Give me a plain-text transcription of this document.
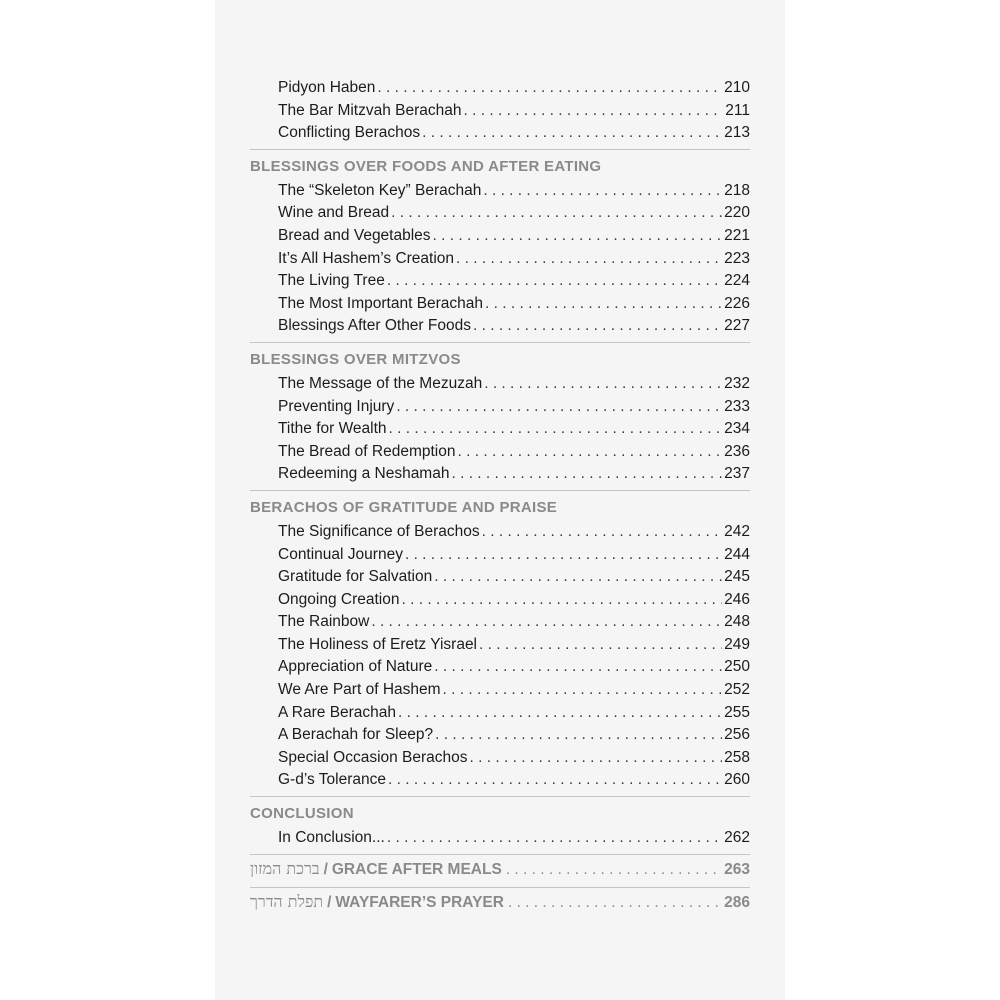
Pidyon Haben . . .	210
The Bar Mitzvah Berachah . . .	211
Conflicting Berachos . . .	213
BLESSINGS OVER FOODS AND AFTER EATING
The “Skeleton Key” Berachah . . .	218
Wine and Bread . . .	220
Bread and Vegetables . . .	221
It’s All Hashem’s Creation . . .	223
The Living Tree . . .	224
The Most Important Berachah . . .	226
Blessings After Other Foods . . .	227
BLESSINGS OVER MITZVOS
The Message of the Mezuzah . . .	232
Preventing Injury . . .	233
Tithe for Wealth . . .	234
The Bread of Redemption . . .	236
Redeeming a Neshamah . . .	237
BERACHOS OF GRATITUDE AND PRAISE
The Significance of Berachos . . .	242
Continual Journey . . .	244
Gratitude for Salvation . . .	245
Ongoing Creation . . .	246
The Rainbow . . .	248
The Holiness of Eretz Yisrael . . .	249
Appreciation of Nature . . .	250
We Are Part of Hashem . . .	252
A Rare Berachah . . .	255
A Berachah for Sleep? . . .	256
Special Occasion Berachos . . .	258
G-d’s Tolerance . . .	260
CONCLUSION
In Conclusion... . . .	262
ברכת המזון / GRACE AFTER MEALS . . .	263
תפלת הדרך / WAYFARER’S PRAYER . . .	286
